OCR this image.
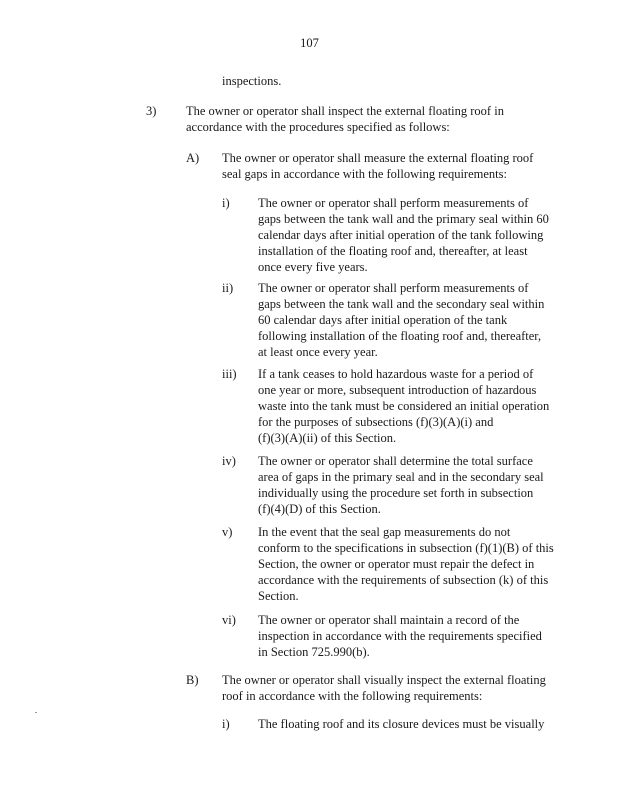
107
inspections.
3) The owner or operator shall inspect the external floating roof in
accordance with the procedures specified as follows:
A) The owner or operator shall measure the external floating roof
seal gaps in accordance with the following requirements:
i) The owner or operator shall perform measurements of
gaps between the tank wall and the primary seal within 60
calendar days after initial operation of the tank following
installation of the floating roof and, thereafter, at least
once every five years.
ii) The owner or operator shall perform measurements of
gaps between the tank wall and the secondary seal within
60 calendar days after initial operation of the tank
following installation of the floating roof and, thereafter,
at least once every year.
iii) If a tank ceases to hold hazardous waste for a period of
one year or more, subsequent introduction of hazardous
waste into the tank must be considered an initial operation
for the purposes of subsections (f)(3)(A)(i) and
(f)(3)(A)(ii) of this Section.
iv) The owner or operator shall determine the total surface
area of gaps in the primary seal and in the secondary seal
individually using the procedure set forth in subsection
(f)(4)(D) of this Section.
v) In the event that the seal gap measurements do not
conform to the specifications in subsection (f)(1)(B) of this
Section, the owner or operator must repair the defect in
accordance with the requirements of subsection (k) of this
Section.
vi) The owner or operator shall maintain a record of the
inspection in accordance with the requirements specified
in Section 725.990(b).
B) The owner or operator shall visually inspect the external floating
roof in accordance with the following requirements:
i) The floating roof and its closure devices must be visually
